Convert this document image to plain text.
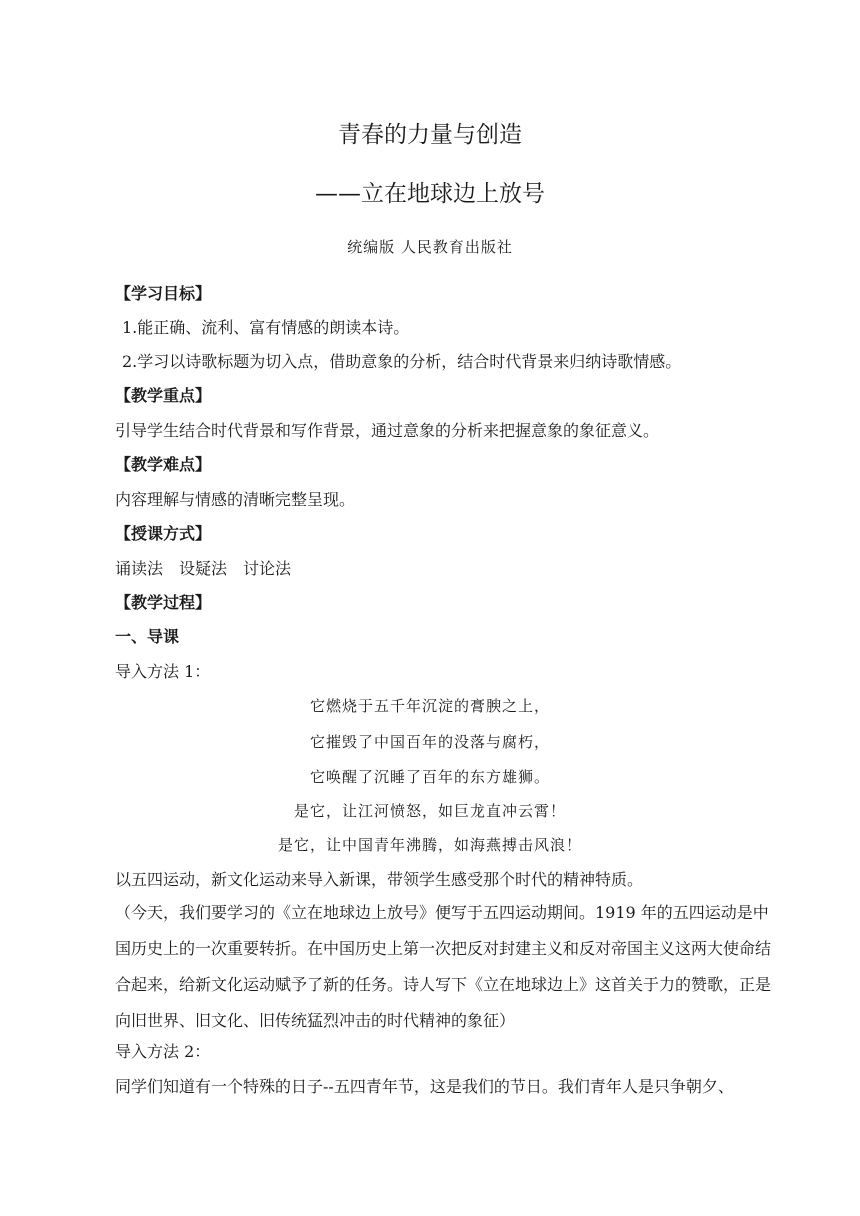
青春的力量与创造
——立在地球边上放号
统编版 人民教育出版社
【学习目标】
1.能正确、流利、富有情感的朗读本诗。
2.学习以诗歌标题为切入点，借助意象的分析，结合时代背景来归纳诗歌情感。
【教学重点】
引导学生结合时代背景和写作背景，通过意象的分析来把握意象的象征意义。
【教学难点】
内容理解与情感的清晰完整呈现。
【授课方式】
诵读法　设疑法　讨论法
【教学过程】
一、导课
导入方法 1：
它燃烧于五千年沉淀的膏腴之上，
它摧毁了中国百年的没落与腐朽，
它唤醒了沉睡了百年的东方雄狮。
是它，让江河愤怒，如巨龙直冲云霄！
是它，让中国青年沸腾，如海燕搏击风浪！
以五四运动，新文化运动来导入新课，带领学生感受那个时代的精神特质。
（今天，我们要学习的《立在地球边上放号》便写于五四运动期间。1919 年的五四运动是中国历史上的一次重要转折。在中国历史上第一次把反对封建主义和反对帝国主义这两大使命结合起来，给新文化运动赋予了新的任务。诗人写下《立在地球边上》这首关于力的赞歌，正是向旧世界、旧文化、旧传统猛烈冲击的时代精神的象征）
导入方法 2：
同学们知道有一个特殊的日子--五四青年节，这是我们的节日。我们青年人是只争朝夕、
